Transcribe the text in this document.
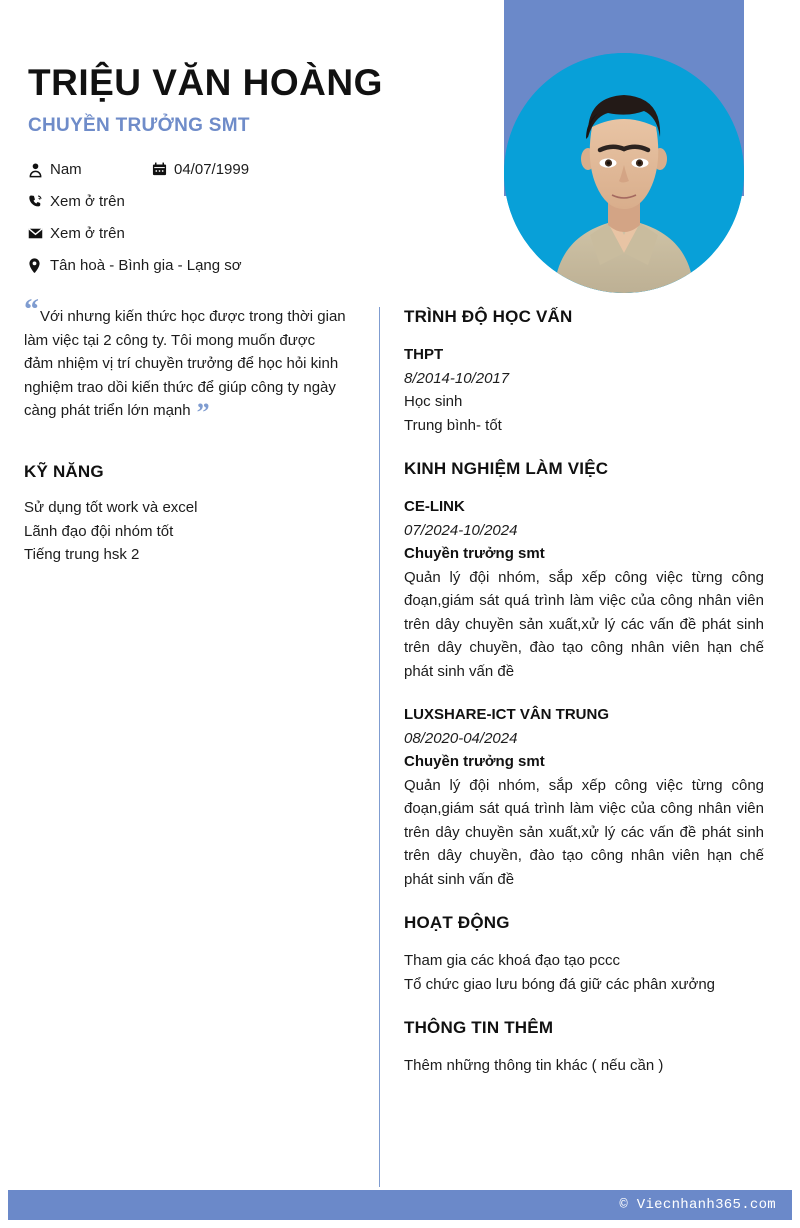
TRIỆU VĂN HOÀNG
CHUYỀN TRƯỞNG SMT
Nam	04/07/1999
Xem ở trên
Xem ở trên
Tân hoà - Bình gia - Lạng sơ
“ Với nhưng kiến thức học được trong thời gian làm việc tại 2 công ty. Tôi mong muốn được đảm nhiệm vị trí chuyền trưởng để học hỏi kinh nghiệm trao dồi kiến thức để giúp công ty ngày càng phát triển lớn mạnh ”
KỸ NĂNG
Sử dụng tốt work và excel
Lãnh đạo đội nhóm tốt
Tiếng trung hsk 2
TRÌNH ĐỘ HỌC VẤN
THPT
8/2014-10/2017
Học sinh
Trung bình- tốt
KINH NGHIỆM LÀM VIỆC
CE-LINK
07/2024-10/2024
Chuyền trưởng smt
Quản lý đội nhóm, sắp xếp công việc từng công đoạn,giám sát quá trình làm việc của công nhân viên trên dây chuyền sản xuất,xử lý các vấn đề phát sinh trên dây chuyền, đào tạo công nhân viên hạn chế phát sinh vấn đề
LUXSHARE-ICT VÂN TRUNG
08/2020-04/2024
Chuyền trưởng smt
Quản lý đội nhóm, sắp xếp công việc từng công đoạn,giám sát quá trình làm việc của công nhân viên trên dây chuyền sản xuất,xử lý các vấn đề phát sinh trên dây chuyền, đào tạo công nhân viên hạn chế phát sinh vấn đề
HOẠT ĐỘNG
Tham gia các khoá đạo tạo pccc
Tổ chức giao lưu bóng đá giữ các phân xưởng
THÔNG TIN THÊM
Thêm những thông tin khác ( nếu cần )
© Viecnhanh365.com
